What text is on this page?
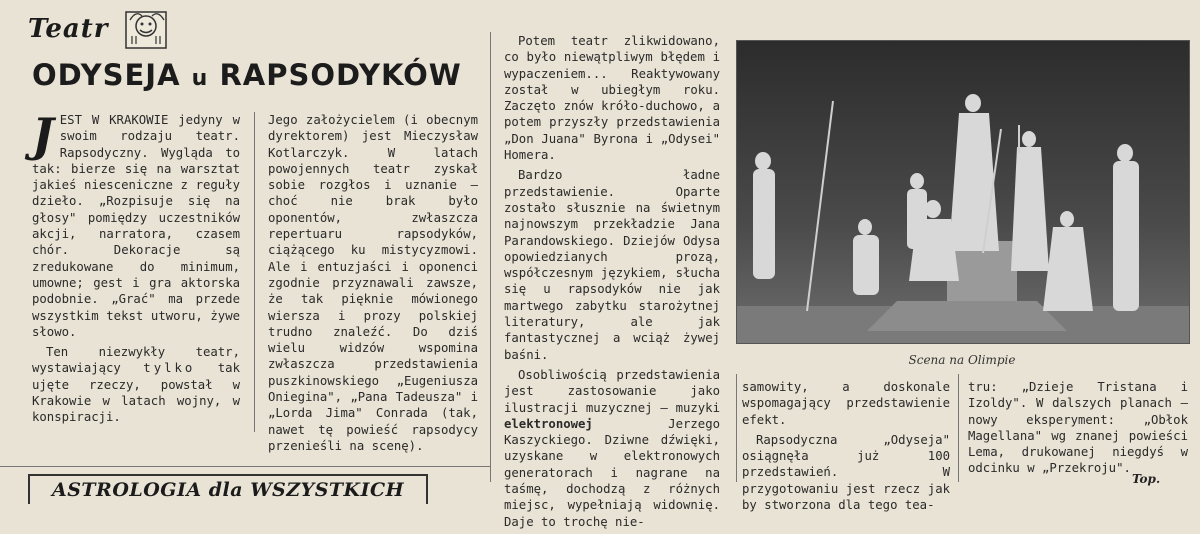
Teatr
ODYSEJA u RAPSODYKÓW

JEST W KRAKOWIE jedyny w swoim rodzaju teatr. Rapsodyczny. Wygląda to tak: bierze się na warsztat jakieś niesceniczne z reguły dzieło. „Rozpisuje się na głosy" pomiędzy uczestników akcji, narratora, czasem chór. Dekoracje są zredukowane do minimum, umowne; gest i gra aktorska podobnie. „Grać" ma przede wszystkim tekst utworu, żywe słowo.

Ten niezwykły teatr, wystawiający tylko tak ujęte rzeczy, powstał w Krakowie w latach wojny, w konspiracji.

Jego założycielem (i obecnym dyrektorem) jest Mieczysław Kotlarczyk. W latach powojennych teatr zyskał sobie rozgłos i uznanie — choć nie brak było oponentów, zwłaszcza repertuaru rapsodyków, ciążącego ku mistycyzmowi. Ale i entuzjaści i oponenci zgodnie przyznawali zawsze, że tak pięknie mówionego wiersza i prozy polskiej trudno znaleźć. Do dziś wielu widzów wspomina zwłaszcza przedstawienia puszkinowskiego „Eugeniusza Oniegina", „Pana Tadeusza" i „Lorda Jima" Conrada (tak, nawet tę powieść rapsodycy przenieśli na scenę).

Potem teatr zlikwidowano, co było niewątpliwym błędem i wypaczeniem... Reaktywowany został w ubiegłym roku. Zaczęto znów króło-duchowo, a potem przyszły przedstawienia „Don Juana" Byrona i „Odysei" Homera.

Bardzo ładne przedstawienie. Oparte zostało słusznie na świetnym najnowszym przekładzie Jana Parandowskiego. Dziejów Odysa opowiedzianych prozą, współczesnym językiem, słucha się u rapsodyków nie jak martwego zabytku starożytnej literatury, ale jak fantastycznej a wciąż żywej baśni.

Osobliwością przedstawienia jest zastosowanie jako ilustracji muzycznej — muzyki elektronowej	Jerzego Kaszyckiego. Dziwne dźwięki, uzyskane w elektronowych generatorach i nagrane na taśmę, dochodzą z różnych miejsc, wypełniają widownię. Daje to trochę nie-

Scena na Olimpie

samowity, a doskonale wspomagający przedstawienie efekt.

Rapsodyczna „Odyseja" osiągnęła już 100 przedstawień. W przygotowaniu jest rzecz jak by stworzona dla tego tea-

tru: „Dzieje Tristana i Izoldy". W dalszych planach — nowy eksperyment: „Obłok Magellana" wg znanej powieści Lema, drukowanej niegdyś w odcinku w „Przekroju".

Top.
ASTROLOGIA dla WSZYSTKICH
